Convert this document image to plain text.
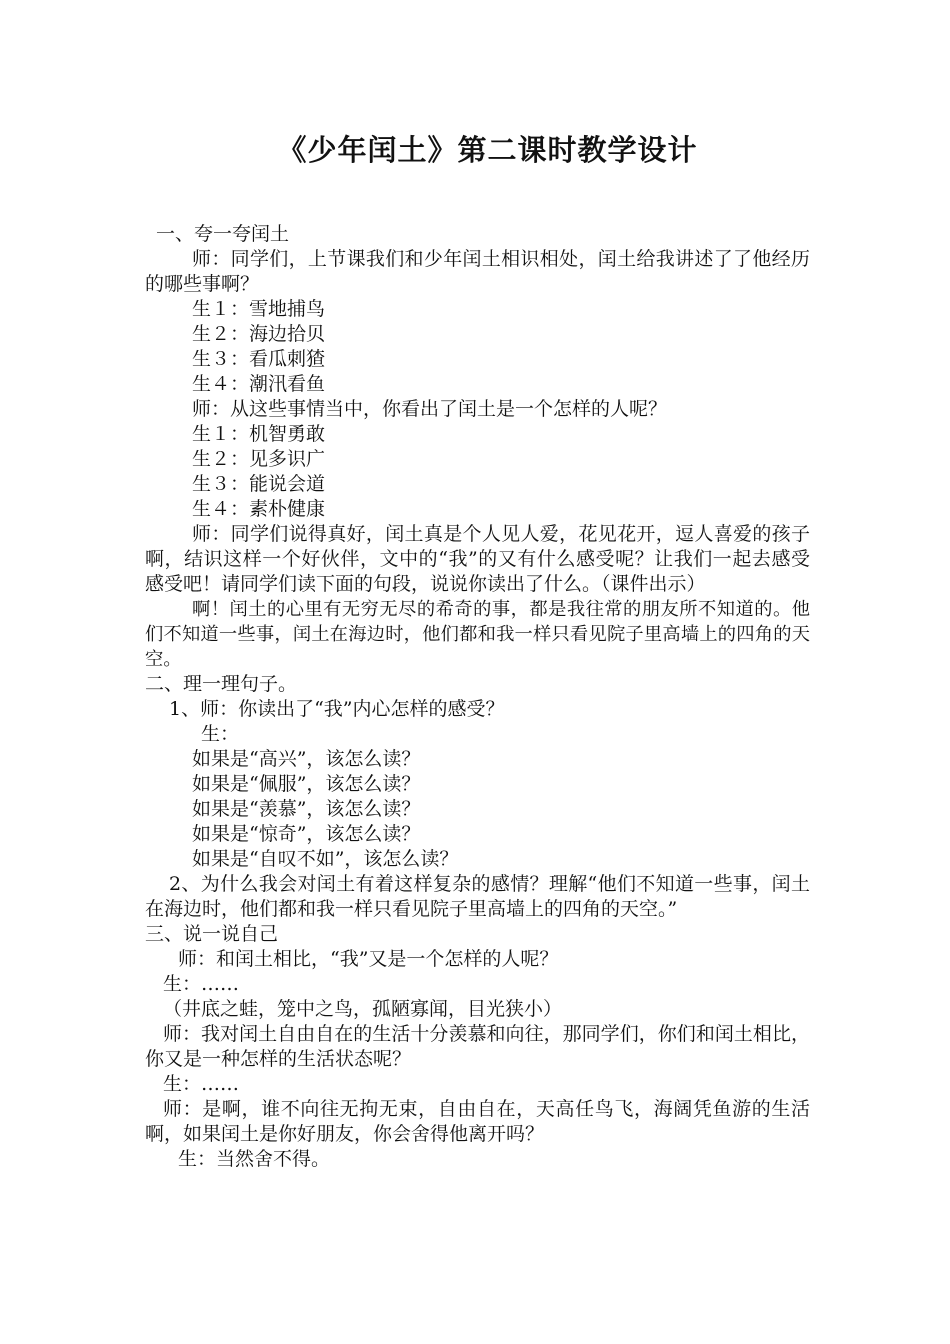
《少年闰土》第二课时教学设计

一、夸一夸闰土

师：同学们，上节课我们和少年闰土相识相处，闰土给我讲述了了他经历的哪些事啊？

生１：雪地捕鸟

生２：海边拾贝

生３：看瓜刺猹

生４：潮汛看鱼

师：从这些事情当中，你看出了闰土是一个怎样的人呢？

生１：机智勇敢

生２：见多识广

生３：能说会道

生４：素朴健康

师：同学们说得真好，闰土真是个人见人爱，花见花开，逗人喜爱的孩子啊，结识这样一个好伙伴，文中的“我”的又有什么感受呢？让我们一起去感受感受吧！请同学们读下面的句段，说说你读出了什么。（课件出示）

啊！闰土的心里有无穷无尽的希奇的事，都是我往常的朋友所不知道的。他们不知道一些事，闰土在海边时，他们都和我一样只看见院子里高墙上的四角的天空。

二、理一理句子。

1、师：你读出了“我”内心怎样的感受？

生：

如果是“高兴”，该怎么读？

如果是“佩服”，该怎么读？

如果是“羡慕”，该怎么读？

如果是“惊奇”，该怎么读？

如果是“自叹不如”，该怎么读？

2、为什么我会对闰土有着这样复杂的感情？理解“他们不知道一些事，闰土在海边时，他们都和我一样只看见院子里高墙上的四角的天空。”

三、说一说自己

师：和闰土相比，“我”又是一个怎样的人呢？

生：……

（井底之蛙，笼中之鸟，孤陋寡闻，目光狭小）

师：我对闰土自由自在的生活十分羡慕和向往，那同学们，你们和闰土相比，你又是一种怎样的生活状态呢？

生：……

师：是啊，谁不向往无拘无束，自由自在，天高任鸟飞，海阔凭鱼游的生活啊，如果闰土是你好朋友，你会舍得他离开吗？

生：当然舍不得。
